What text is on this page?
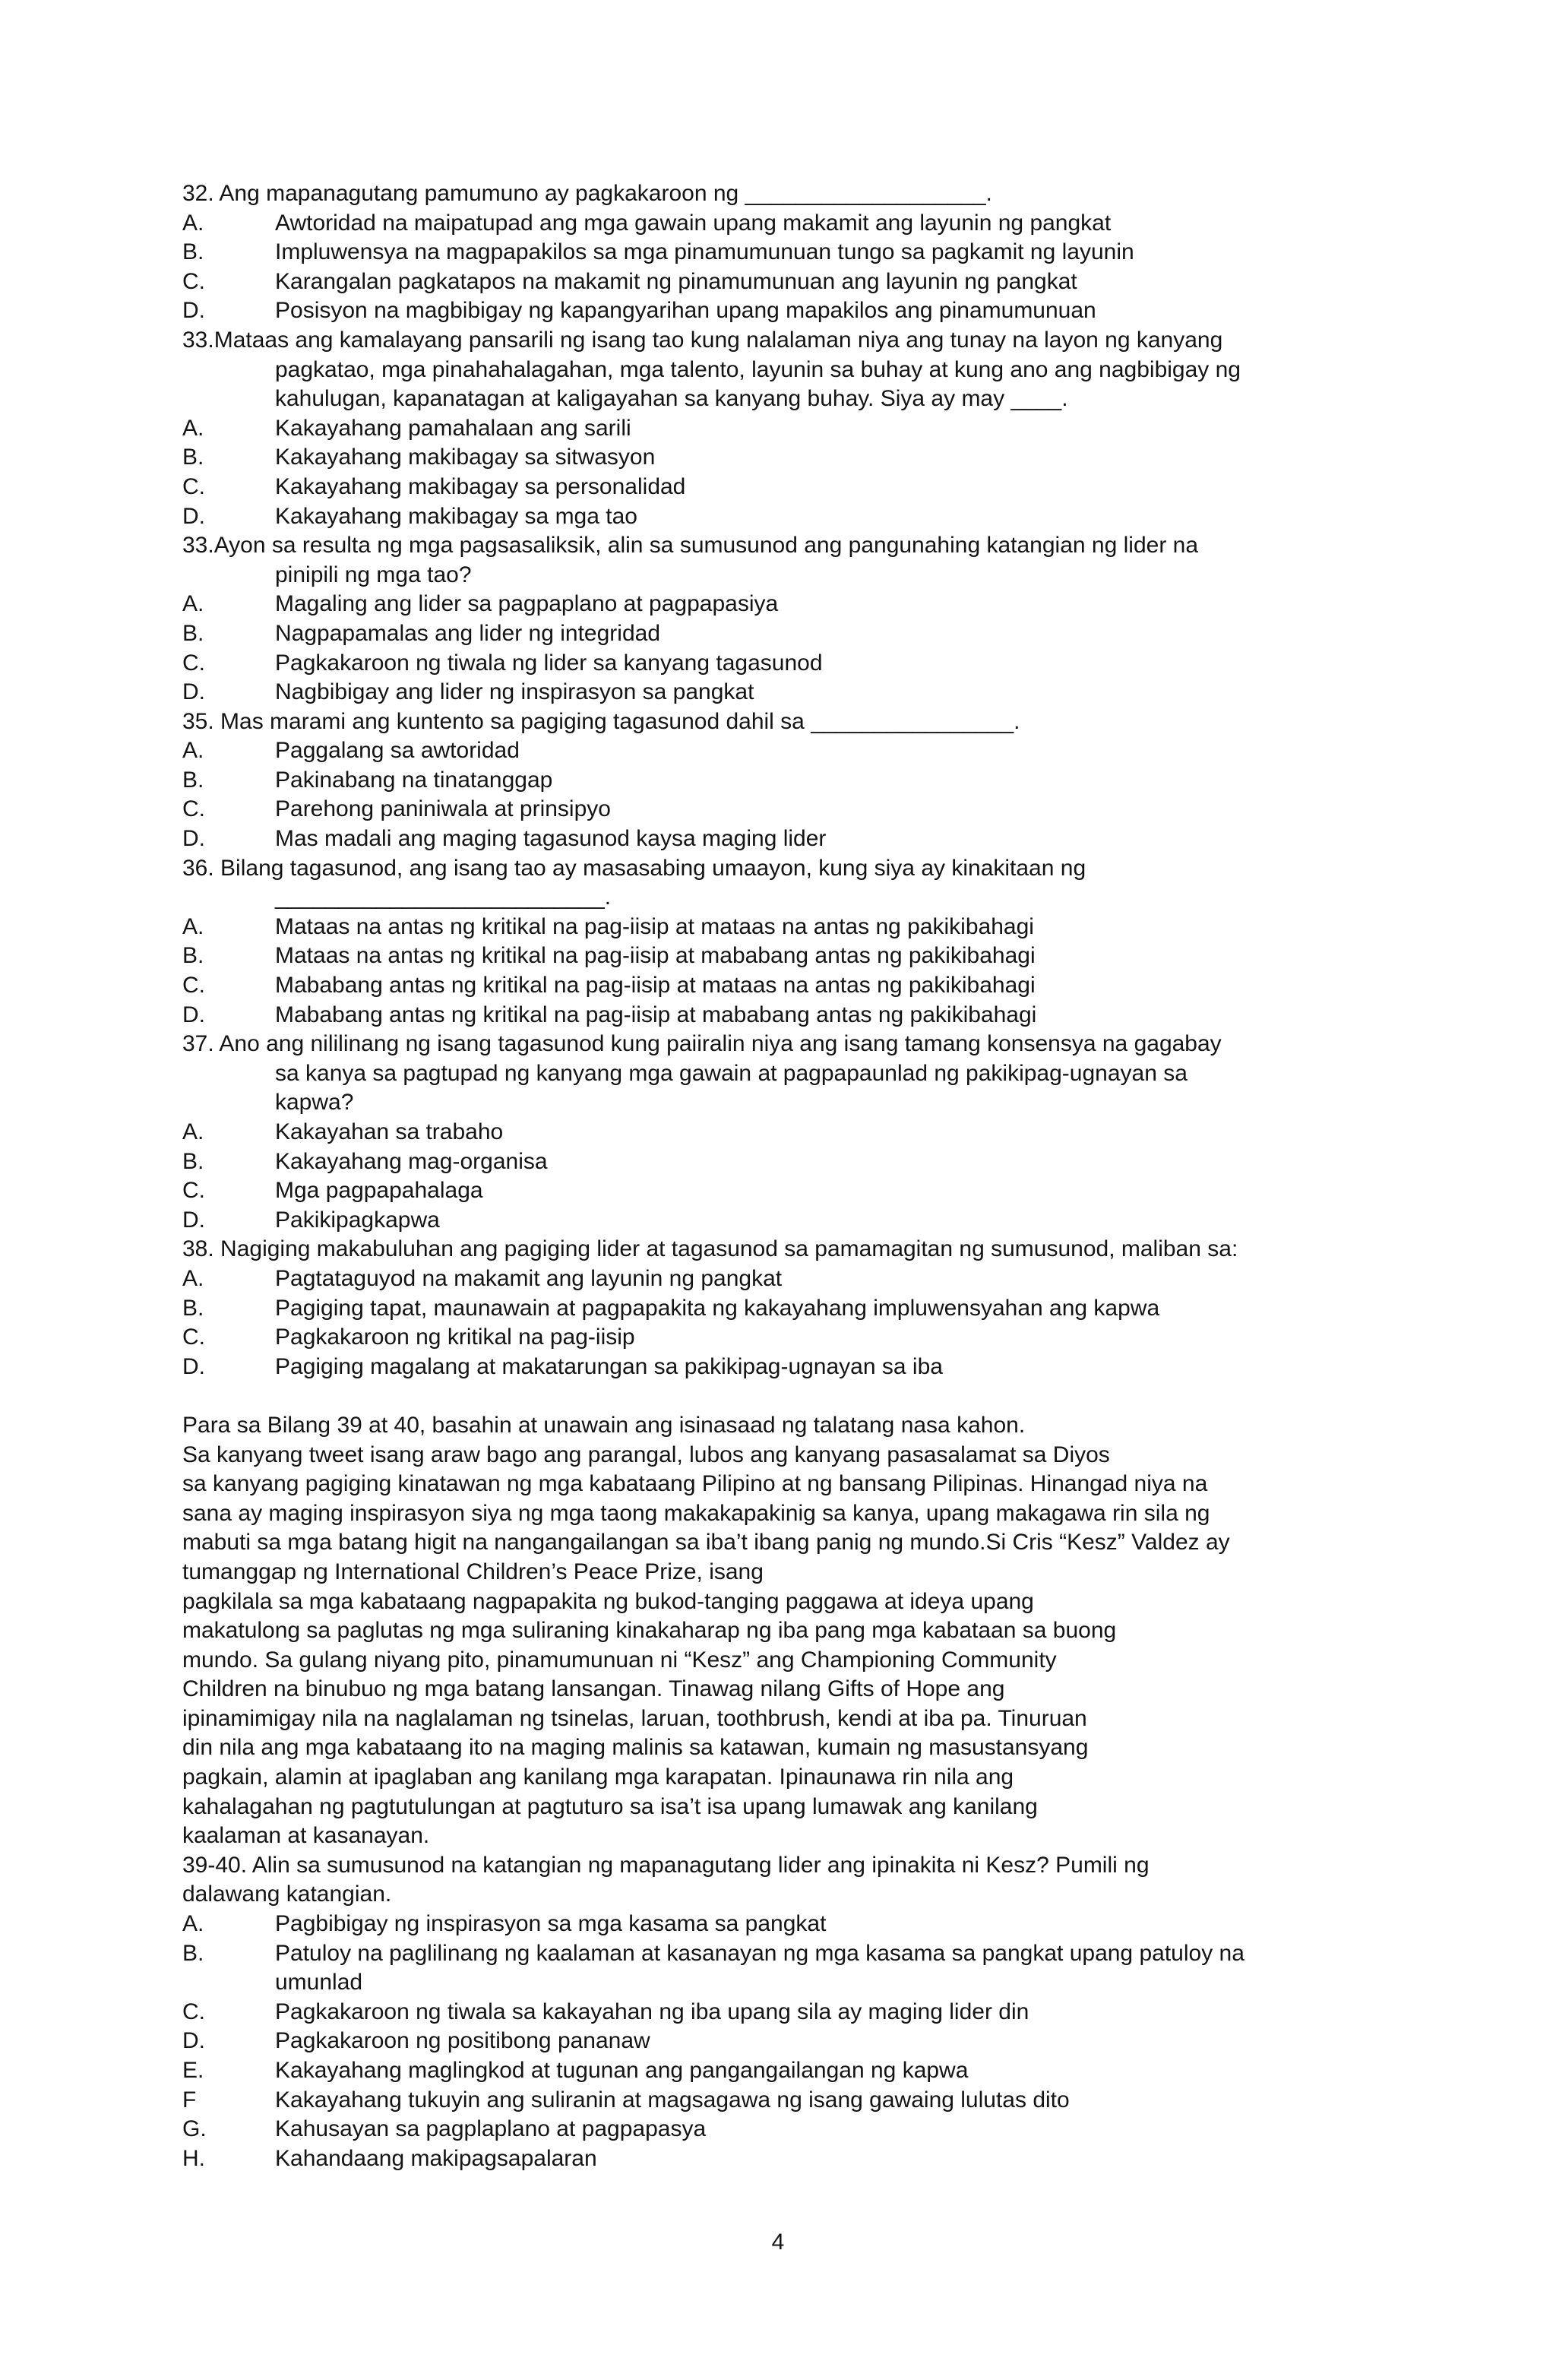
32. Ang mapanagutang pamumuno ay pagkakaroon ng ___________________.
A.	Awtoridad na maipatupad ang mga gawain upang makamit ang layunin ng pangkat
B.	Impluwensya na magpapakilos sa mga pinamumunuan tungo sa pagkamit ng layunin
C.	Karangalan pagkatapos na makamit ng pinamumunuan ang layunin ng pangkat
D.	Posisyon na magbibigay ng kapangyarihan upang mapakilos ang pinamumunuan
33.Mataas ang kamalayang pansarili ng isang tao kung nalalaman niya ang tunay na layon ng kanyang
pagkatao, mga pinahahalagahan, mga talento, layunin sa buhay at kung ano ang nagbibigay ng
kahulugan, kapanatagan at kaligayahan sa kanyang buhay. Siya ay may ____.
A.	Kakayahang pamahalaan ang sarili
B.	Kakayahang makibagay sa sitwasyon
C.	Kakayahang makibagay sa personalidad
D.	Kakayahang makibagay sa mga tao
33.Ayon sa resulta ng mga pagsasaliksik, alin sa sumusunod ang pangunahing katangian ng lider na
pinipili ng mga tao?
A.	Magaling ang lider sa pagpaplano at pagpapasiya
B.	Nagpapamalas ang lider ng integridad
C.	Pagkakaroon ng tiwala ng lider sa kanyang tagasunod
D.	Nagbibigay ang lider ng inspirasyon sa pangkat
35. Mas marami ang kuntento sa pagiging tagasunod dahil sa ________________.
A.	Paggalang sa awtoridad
B.	Pakinabang na tinatanggap
C.	Parehong paniniwala at prinsipyo
D.	Mas madali ang maging tagasunod kaysa maging lider
36. Bilang tagasunod, ang isang tao ay masasabing umaayon, kung siya ay kinakitaan ng
__________________________.
A.	Mataas na antas ng kritikal na pag-iisip at mataas na antas ng pakikibahagi
B.	Mataas na antas ng kritikal na pag-iisip at mababang antas ng pakikibahagi
C.	Mababang antas ng kritikal na pag-iisip at mataas na antas ng pakikibahagi
D.	Mababang antas ng kritikal na pag-iisip at mababang antas ng pakikibahagi
37. Ano ang nililinang ng isang tagasunod kung paiiralin niya ang isang tamang konsensya na gagabay
sa kanya sa pagtupad ng kanyang mga gawain at pagpapaunlad ng pakikipag-ugnayan sa
kapwa?
A.	Kakayahan sa trabaho
B.	Kakayahang mag-organisa
C.	Mga pagpapahalaga
D.	Pakikipagkapwa
38. Nagiging makabuluhan ang pagiging lider at tagasunod sa pamamagitan ng sumusunod, maliban sa:
A.	Pagtataguyod na makamit ang layunin ng pangkat
B.	Pagiging tapat, maunawain at pagpapakita ng kakayahang impluwensyahan ang kapwa
C.	Pagkakaroon ng kritikal na pag-iisip
D.	Pagiging magalang at makatarungan sa pakikipag-ugnayan sa iba
Para sa Bilang 39 at 40, basahin at unawain ang isinasaad ng talatang nasa kahon.
Sa kanyang tweet isang araw bago ang parangal, lubos ang kanyang pasasalamat sa Diyos
sa kanyang pagiging kinatawan ng mga kabataang Pilipino at ng bansang Pilipinas. Hinangad niya na
sana ay maging inspirasyon siya ng mga taong makakapakinig sa kanya, upang makagawa rin sila ng
mabuti sa mga batang higit na nangangailangan sa iba’t ibang panig ng mundo.Si Cris “Kesz” Valdez ay
tumanggap ng International Children’s Peace Prize, isang
pagkilala sa mga kabataang nagpapakita ng bukod-tanging paggawa at ideya upang
makatulong sa paglutas ng mga suliraning kinakaharap ng iba pang mga kabataan sa buong
mundo. Sa gulang niyang pito, pinamumunuan ni “Kesz” ang Championing Community
Children na binubuo ng mga batang lansangan. Tinawag nilang Gifts of Hope ang
ipinamimigay nila na naglalaman ng tsinelas, laruan, toothbrush, kendi at iba pa. Tinuruan
din nila ang mga kabataang ito na maging malinis sa katawan, kumain ng masustansyang
pagkain, alamin at ipaglaban ang kanilang mga karapatan. Ipinaunawa rin nila ang
kahalagahan ng pagtutulungan at pagtuturo sa isa’t isa upang lumawak ang kanilang
kaalaman at kasanayan.
39-40. Alin sa sumusunod na katangian ng mapanagutang lider ang ipinakita ni Kesz? Pumili ng
dalawang katangian.
A.	Pagbibigay ng inspirasyon sa mga kasama sa pangkat
B.	Patuloy na paglilinang ng kaalaman at kasanayan ng mga kasama sa pangkat upang patuloy na
umunlad
C.	Pagkakaroon ng tiwala sa kakayahan ng iba upang sila ay maging lider din
D.	Pagkakaroon ng positibong pananaw
E.	Kakayahang maglingkod at tugunan ang pangangailangan ng kapwa
F	Kakayahang tukuyin ang suliranin at magsagawa ng isang gawaing lulutas dito
G.	Kahusayan sa pagplaplano at pagpapasya
H.	Kahandaang makipagsapalaran
4
